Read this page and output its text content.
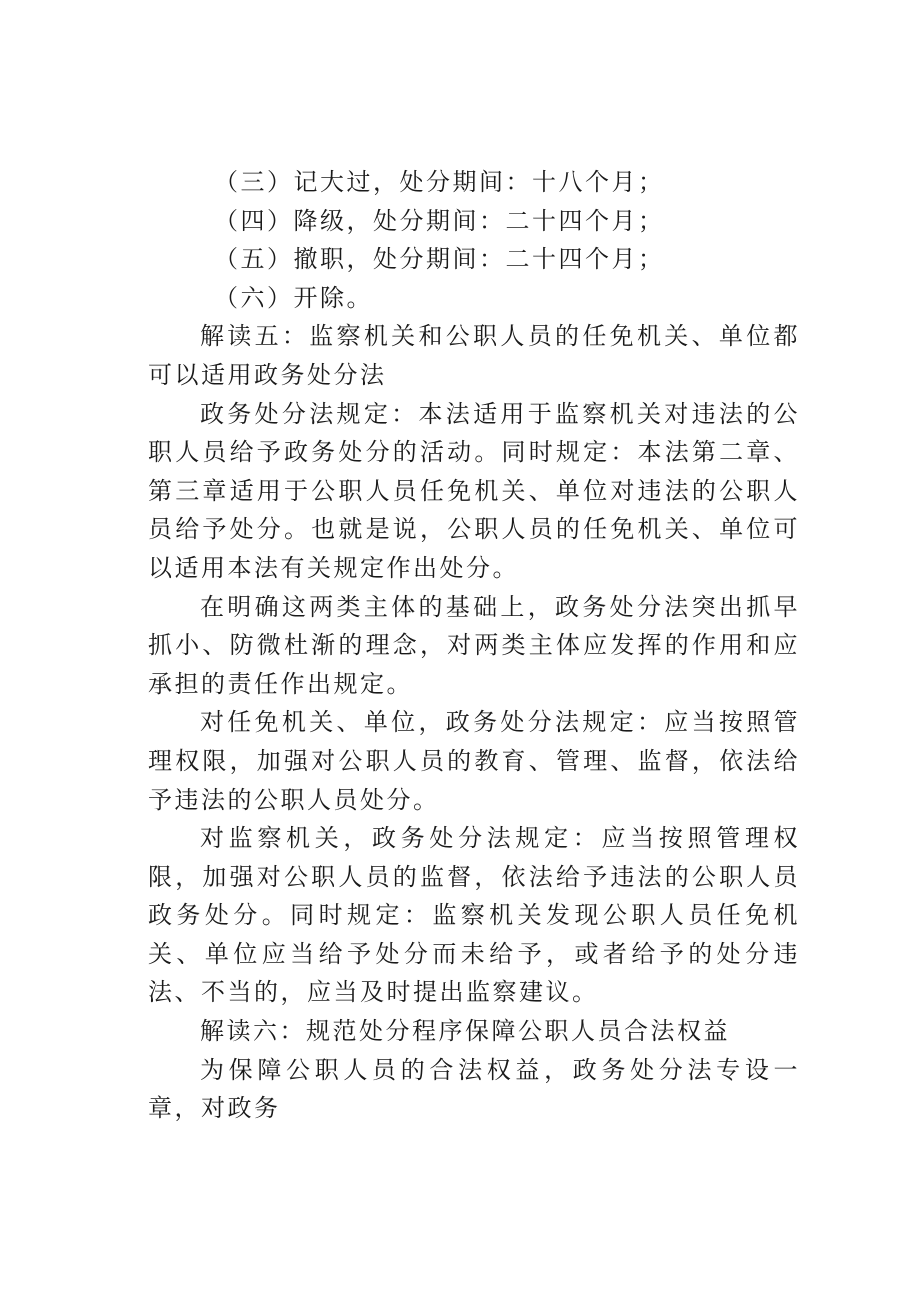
（三）记大过，处分期间：十八个月；

（四）降级，处分期间：二十四个月；

（五）撤职，处分期间：二十四个月；

（六）开除。

解读五：监察机关和公职人员的任免机关、单位都可以适用政务处分法

政务处分法规定：本法适用于监察机关对违法的公职人员给予政务处分的活动。同时规定：本法第二章、第三章适用于公职人员任免机关、单位对违法的公职人员给予处分。也就是说，公职人员的任免机关、单位可以适用本法有关规定作出处分。

在明确这两类主体的基础上，政务处分法突出抓早抓小、防微杜渐的理念，对两类主体应发挥的作用和应承担的责任作出规定。

对任免机关、单位，政务处分法规定：应当按照管理权限，加强对公职人员的教育、管理、监督，依法给予违法的公职人员处分。

对监察机关，政务处分法规定：应当按照管理权限，加强对公职人员的监督，依法给予违法的公职人员政务处分。同时规定：监察机关发现公职人员任免机关、单位应当给予处分而未给予，或者给予的处分违法、不当的，应当及时提出监察建议。

解读六：规范处分程序保障公职人员合法权益

为保障公职人员的合法权益，政务处分法专设一章，对政务
